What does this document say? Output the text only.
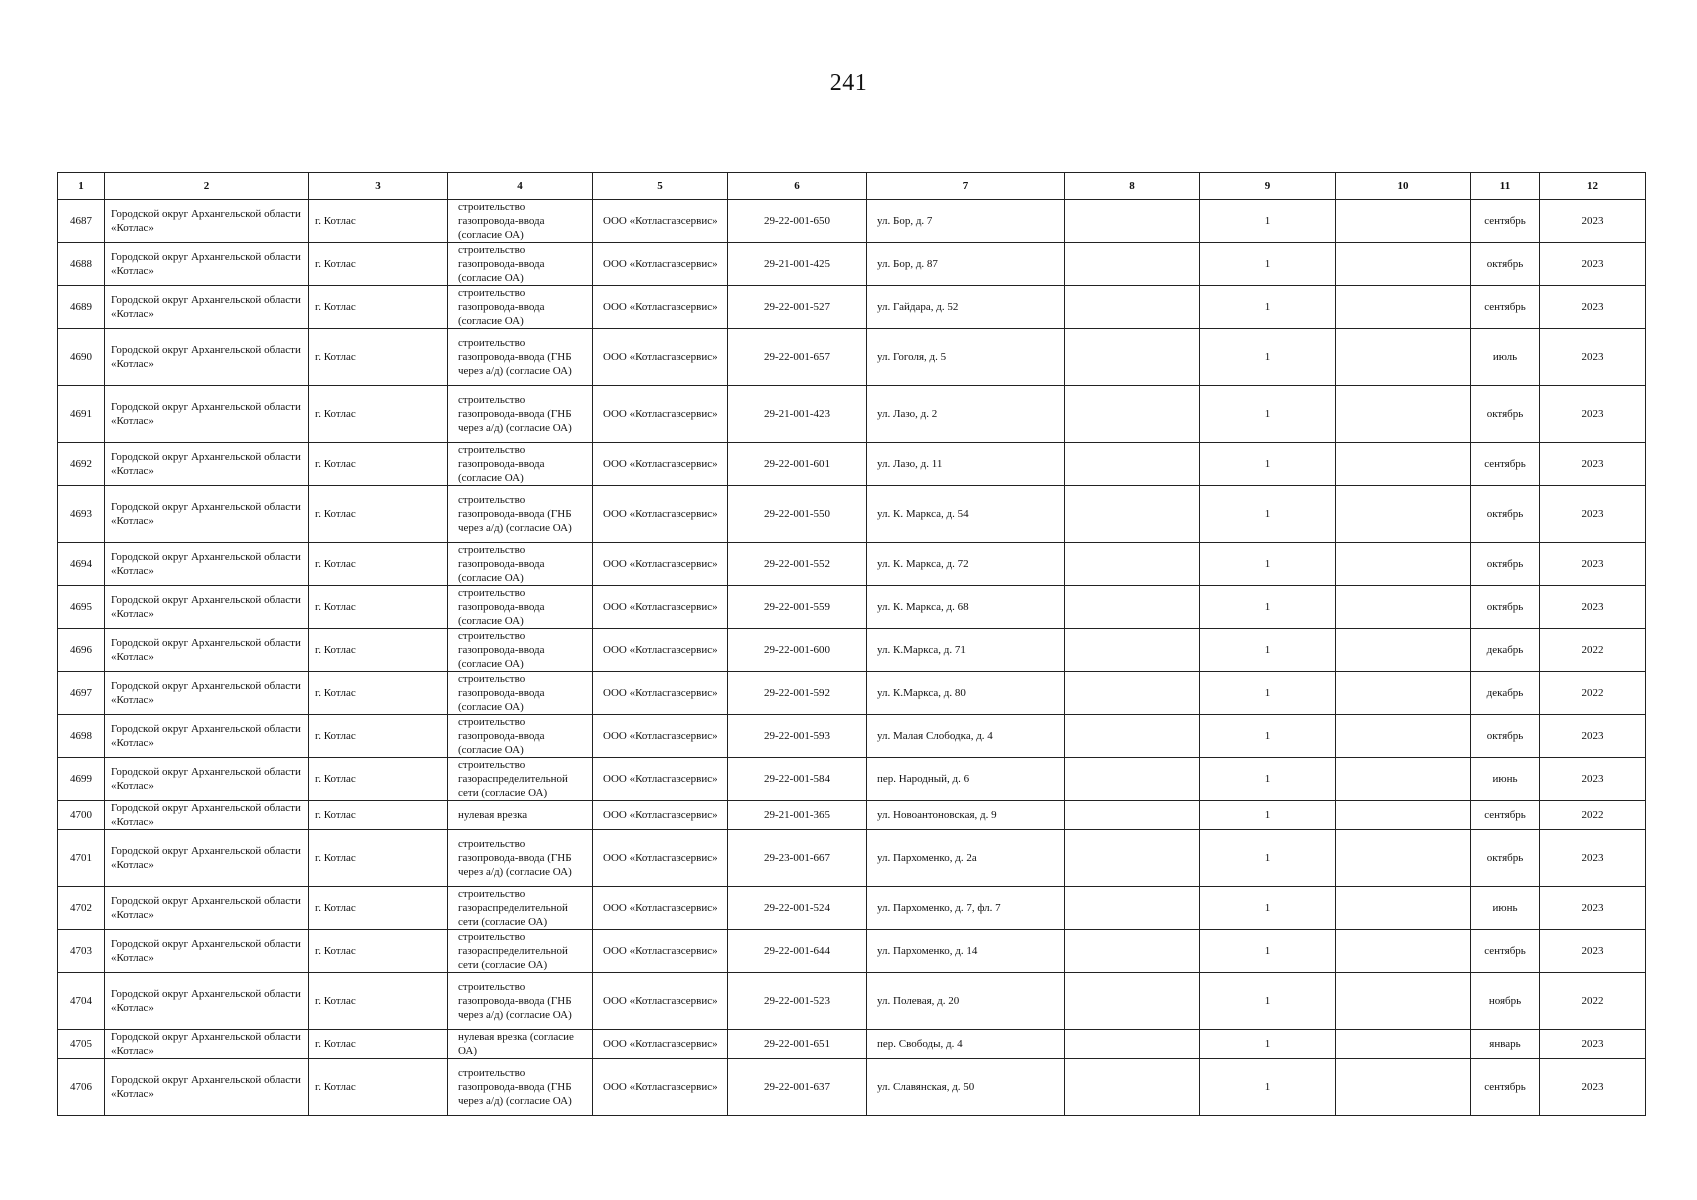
241
1	2	3	4	5	6	7	8	9	10	11	12
4687	Городской округ Архангельской области «Котлас»	г. Котлас	строительство газопровода-ввода (согласие ОА)	ООО «Котласгазсервис»	29-22-001-650	ул. Бор, д. 7		1		сентябрь	2023
4688	Городской округ Архангельской области «Котлас»	г. Котлас	строительство газопровода-ввода (согласие ОА)	ООО «Котласгазсервис»	29-21-001-425	ул. Бор, д. 87		1		октябрь	2023
4689	Городской округ Архангельской области «Котлас»	г. Котлас	строительство газопровода-ввода (согласие ОА)	ООО «Котласгазсервис»	29-22-001-527	ул. Гайдара, д. 52		1		сентябрь	2023
4690	Городской округ Архангельской области «Котлас»	г. Котлас	строительство газопровода-ввода (ГНБ через а/д) (согласие ОА)	ООО «Котласгазсервис»	29-22-001-657	ул. Гоголя, д. 5		1		июль	2023
4691	Городской округ Архангельской области «Котлас»	г. Котлас	строительство газопровода-ввода (ГНБ через а/д) (согласие ОА)	ООО «Котласгазсервис»	29-21-001-423	ул. Лазо, д. 2		1		октябрь	2023
4692	Городской округ Архангельской области «Котлас»	г. Котлас	строительство газопровода-ввода (согласие ОА)	ООО «Котласгазсервис»	29-22-001-601	ул. Лазо, д. 11		1		сентябрь	2023
4693	Городской округ Архангельской области «Котлас»	г. Котлас	строительство газопровода-ввода (ГНБ через а/д) (согласие ОА)	ООО «Котласгазсервис»	29-22-001-550	ул. К. Маркса, д. 54		1		октябрь	2023
4694	Городской округ Архангельской области «Котлас»	г. Котлас	строительство газопровода-ввода (согласие ОА)	ООО «Котласгазсервис»	29-22-001-552	ул. К. Маркса, д. 72		1		октябрь	2023
4695	Городской округ Архангельской области «Котлас»	г. Котлас	строительство газопровода-ввода (согласие ОА)	ООО «Котласгазсервис»	29-22-001-559	ул. К. Маркса, д. 68		1		октябрь	2023
4696	Городской округ Архангельской области «Котлас»	г. Котлас	строительство газопровода-ввода (согласие ОА)	ООО «Котласгазсервис»	29-22-001-600	ул. К.Маркса, д. 71		1		декабрь	2022
4697	Городской округ Архангельской области «Котлас»	г. Котлас	строительство газопровода-ввода (согласие ОА)	ООО «Котласгазсервис»	29-22-001-592	ул. К.Маркса, д. 80		1		декабрь	2022
4698	Городской округ Архангельской области «Котлас»	г. Котлас	строительство газопровода-ввода (согласие ОА)	ООО «Котласгазсервис»	29-22-001-593	ул. Малая Слободка, д. 4		1		октябрь	2023
4699	Городской округ Архангельской области «Котлас»	г. Котлас	строительство газораспределительной сети (согласие ОА)	ООО «Котласгазсервис»	29-22-001-584	пер. Народный, д. 6		1		июнь	2023
4700	Городской округ Архангельской области «Котлас»	г. Котлас	нулевая врезка	ООО «Котласгазсервис»	29-21-001-365	ул. Новоантоновская, д. 9		1		сентябрь	2022
4701	Городской округ Архангельской области «Котлас»	г. Котлас	строительство газопровода-ввода (ГНБ через а/д) (согласие ОА)	ООО «Котласгазсервис»	29-23-001-667	ул. Пархоменко, д. 2а		1		октябрь	2023
4702	Городской округ Архангельской области «Котлас»	г. Котлас	строительство газораспределительной сети (согласие ОА)	ООО «Котласгазсервис»	29-22-001-524	ул. Пархоменко, д. 7, фл. 7		1		июнь	2023
4703	Городской округ Архангельской области «Котлас»	г. Котлас	строительство газораспределительной сети (согласие ОА)	ООО «Котласгазсервис»	29-22-001-644	ул. Пархоменко, д. 14		1		сентябрь	2023
4704	Городской округ Архангельской области «Котлас»	г. Котлас	строительство газопровода-ввода (ГНБ через а/д) (согласие ОА)	ООО «Котласгазсервис»	29-22-001-523	ул. Полевая, д. 20		1		ноябрь	2022
4705	Городской округ Архангельской области «Котлас»	г. Котлас	нулевая врезка (согласие ОА)	ООО «Котласгазсервис»	29-22-001-651	пер. Свободы, д. 4		1		январь	2023
4706	Городской округ Архангельской области «Котлас»	г. Котлас	строительство газопровода-ввода (ГНБ через а/д) (согласие ОА)	ООО «Котласгазсервис»	29-22-001-637	ул. Славянская, д. 50		1		сентябрь	2023
